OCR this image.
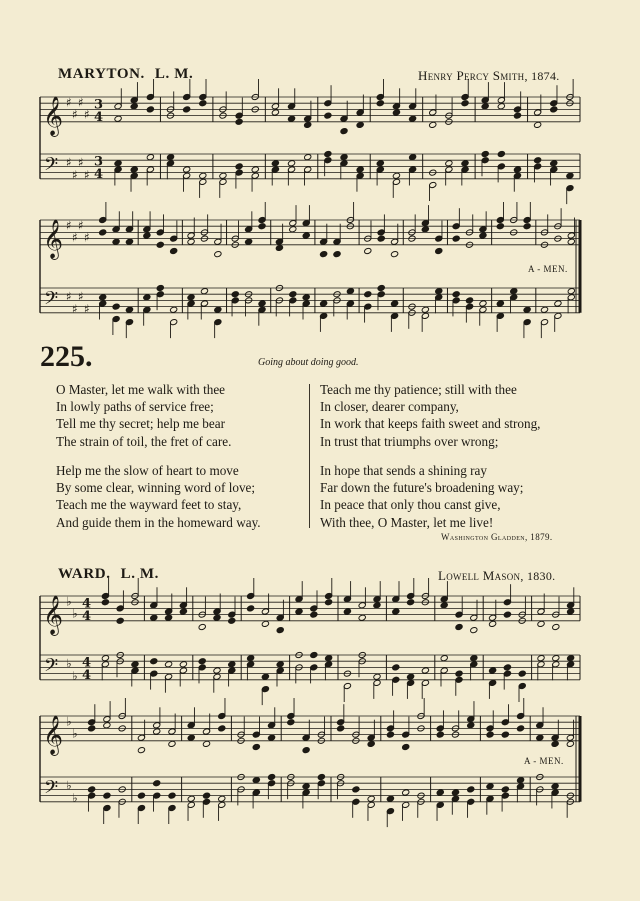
MARYTON. L. M.	Henry Percy Smith, 1874.
𝄞
𝄢
♯
♯
♯
♯
♯
♯
♯
♯
3
4
3
4
𝄞
𝄢
♯
♯
♯
♯
♯
♯
♯
♯
𝄞
𝄢
♭
♭
♭
♭
4
4
4
4
𝄞
𝄢
♭
♭
♭
♭
A - MEN.
225.	Going about doing good.
O Master, let me walk with thee
In lowly paths of service free;
Tell me thy secret; help me bear
The strain of toil, the fret of care.
Help me the slow of heart to move
By some clear, winning word of love;
Teach me the wayward feet to stay,
And guide them in the homeward way.
Teach me thy patience; still with thee
In closer, dearer company,
In work that keeps faith sweet and strong,
In trust that triumphs over wrong;
In hope that sends a shining ray
Far down the future's broadening way;
In peace that only thou canst give,
With thee, O Master, let me live!
Washington Gladden, 1879.
WARD. L. M.	Lowell Mason, 1830.
A - MEN.
